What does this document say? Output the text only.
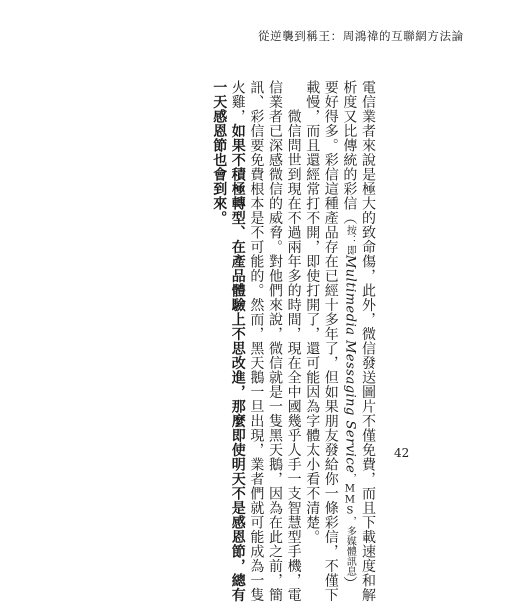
從逆襲到稱王：周鴻禕的互聯網方法論
電信業者來說是極大的致命傷，此外，微信發送圖片不僅免費，而且下載速度和解
析度又比傳統的彩信（按：即Multimedia Messaging Service，MMS，多媒體訊息）
要好得多。彩信這種產品存在已經十多年了，但如果朋友發給你一條彩信，不僅下
載慢，而且還經常打不開，即使打開了，還可能因為字體太小看不清楚。
　　微信問世到現在不過兩年多的時間，現在全中國幾乎人手一支智慧型手機，電
信業者已深感微信的威脅。對他們來說，微信就是一隻黑天鵝，因為在此之前，簡
訊、彩信要免費根本是不可能的。然而，黑天鵝一旦出現，業者們就可能成為一隻
火雞，如果不積極轉型、在產品體驗上不思改進，那麼即使明天不是感恩節，總有
一天感恩節也會到來。
42
